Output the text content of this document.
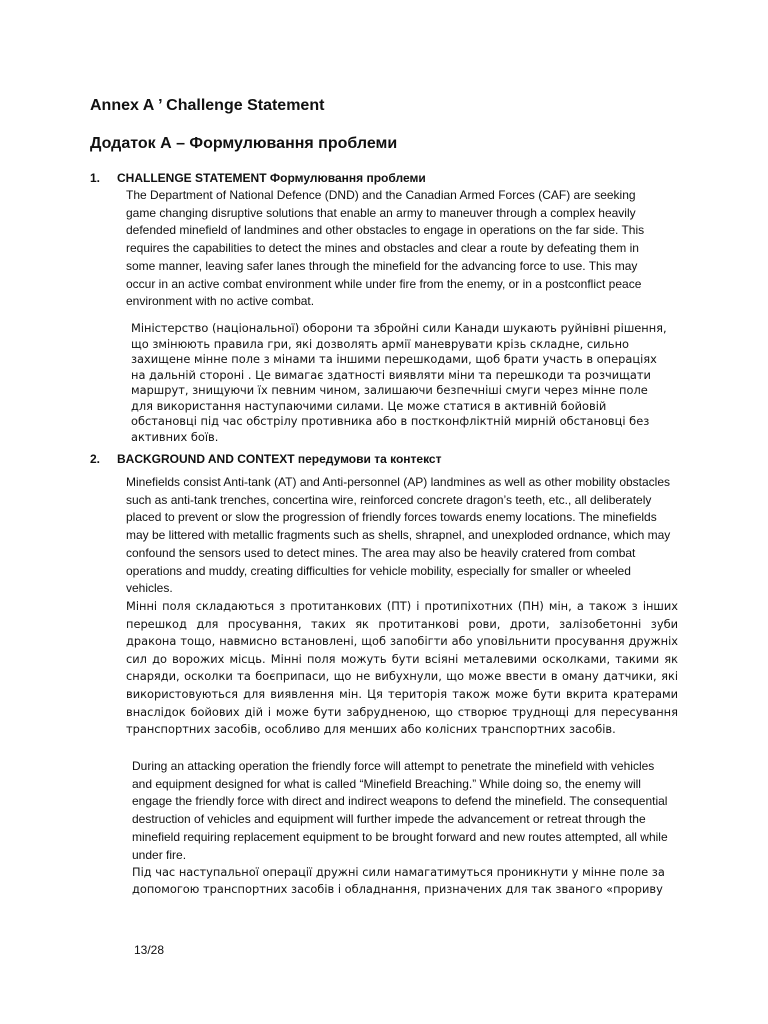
Annex A ’ Challenge Statement
Додаток А – Формулювання проблеми
1. CHALLENGE STATEMENT Формулювання проблеми

The Department of National Defence (DND) and the Canadian Armed Forces (CAF) are seeking game changing disruptive solutions that enable an army to maneuver through a complex heavily defended minefield of landmines and other obstacles to engage in operations on the far side. This requires the capabilities to detect the mines and obstacles and clear a route by defeating them in some manner, leaving safer lanes through the minefield for the advancing force to use. This may occur in an active combat environment while under fire from the enemy, or in a postconflict peace environment with no active combat.

Міністерство (національної) оборони та збройні сили Канади шукають руйнівні рішення, що змінюють правила гри, які дозволять армії маневрувати крізь складне, сильно захищене мінне поле з мінами та іншими перешкодами, щоб брати участь в операціях на дальній стороні . Це вимагає здатності виявляти міни та перешкоди та розчищати маршрут, знищуючи їх певним чином, залишаючи безпечніші смуги через мінне поле для використання наступаючими силами. Це може статися в активній бойовій обстановці під час обстрілу противника або в постконфліктній мирній обстановці без активних боїв.

2. BACKGROUND AND CONTEXT передумови та контекст

Minefields consist Anti-tank (AT) and Anti-personnel (AP) landmines as well as other mobility obstacles such as anti-tank trenches, concertina wire, reinforced concrete dragon’s teeth, etc., all deliberately placed to prevent or slow the progression of friendly forces towards enemy locations. The minefields may be littered with metallic fragments such as shells, shrapnel, and unexploded ordnance, which may confound the sensors used to detect mines. The area may also be heavily cratered from combat operations and muddy, creating difficulties for vehicle mobility, especially for smaller or wheeled vehicles.

Мінні поля складаються з протитанкових (ПТ) і протипіхотних (ПН) мін, а також з інших перешкод для просування, таких як протитанкові рови, дроти, залізобетонні зуби дракона тощо, навмисно встановлені, щоб запобігти або уповільнити просування дружніх сил до ворожих місць. Мінні поля можуть бути всіяні металевими осколками, такими як снаряди, осколки та боєприпаси, що не вибухнули, що може ввести в оману датчики, які використовуються для виявлення мін. Ця територія також може бути вкрита кратерами внаслідок бойових дій і може бути забрудненою, що створює труднощі для пересування транспортних засобів, особливо для менших або колісних транспортних засобів.

During an attacking operation the friendly force will attempt to penetrate the minefield with vehicles and equipment designed for what is called “Minefield Breaching.” While doing so, the enemy will engage the friendly force with direct and indirect weapons to defend the minefield. The consequential destruction of vehicles and equipment will further impede the advancement or retreat through the minefield requiring replacement equipment to be brought forward and new routes attempted, all while under fire.

Під час наступальної операції дружні сили намагатимуться проникнути у мінне поле за допомогою транспортних засобів і обладнання, призначених для так званого «прориву

13/28
